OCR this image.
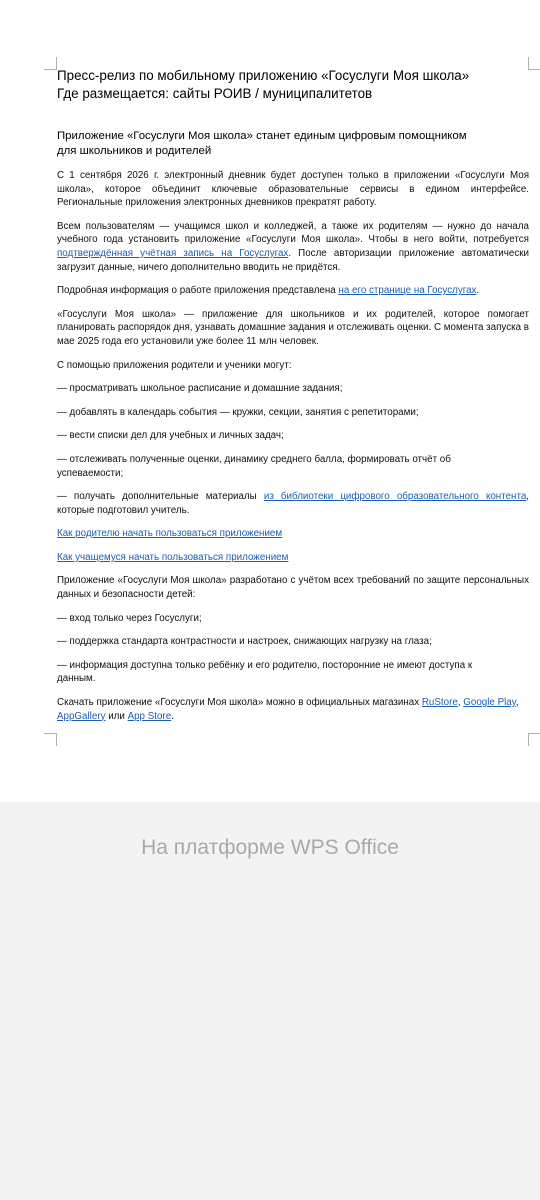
Пресс-релиз по мобильному приложению «Госуслуги Моя школа»
Где размещается: сайты РОИВ / муниципалитетов
Приложение «Госуслуги Моя школа» станет единым цифровым помощником
для школьников и родителей

С 1 сентября 2026 г. электронный дневник будет доступен только в приложении «Госуслуги Моя школа», которое объединит ключевые образовательные сервисы в едином интерфейсе. Региональные приложения электронных дневников прекратят работу.

Всем пользователям — учащимся школ и колледжей, а также их родителям — нужно до начала учебного года установить приложение «Госуслуги Моя школа». Чтобы в него войти, потребуется подтверждённая учётная запись на Госуслугах. После авторизации приложение автоматически загрузит данные, ничего дополнительно вводить не придётся.

Подробная информация о работе приложения представлена на его странице на Госуслугах.

«Госуслуги Моя школа» — приложение для школьников и их родителей, которое помогает планировать распорядок дня, узнавать домашние задания и отслеживать оценки. С момента запуска в мае 2025 года его установили уже более 11 млн человек.

С помощью приложения родители и ученики могут:

— просматривать школьное расписание и домашние задания;

— добавлять в календарь события — кружки, секции, занятия с репетиторами;

— вести списки дел для учебных и личных задач;

— отслеживать полученные оценки, динамику среднего балла, формировать отчёт об успеваемости;

— получать дополнительные материалы из библиотеки цифрового образовательного контента, которые подготовил учитель.

Как родителю начать пользоваться приложением

Как учащемуся начать пользоваться приложением

Приложение «Госуслуги Моя школа» разработано с учётом всех требований по защите персональных данных и безопасности детей:

— вход только через Госуслуги;

— поддержка стандарта контрастности и настроек, снижающих нагрузку на глаза;

— информация доступна только ребёнку и его родителю, посторонние не имеют доступа к данным.

Скачать приложение «Госуслуги Моя школа» можно в официальных магазинах RuStore, Google Play, AppGallery или App Store.

На платформе WPS Office
